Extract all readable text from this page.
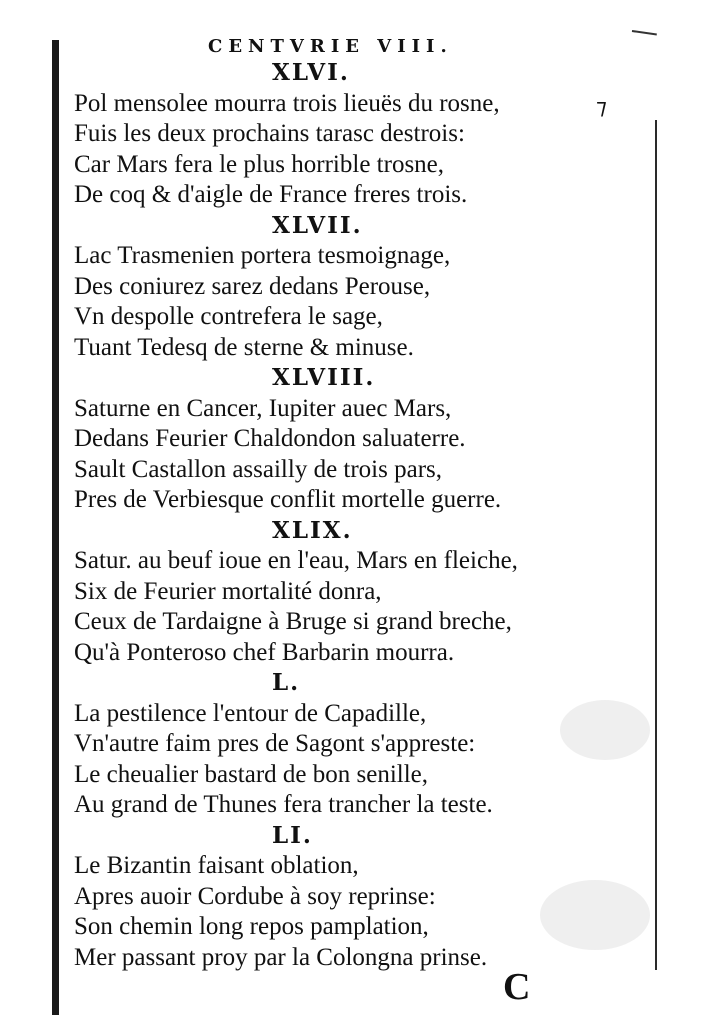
CENTVRIE VIII.
⁊
XLVI.
Pol mensolee mourra trois lieuës du rosne,
Fuis les deux prochains tarasc destrois:
Car Mars fera le plus horrible trosne,
De coq & d'aigle de France freres trois.
XLVII.
Lac Trasmenien portera tesmoignage,
Des coniurez sarez dedans Perouse,
Vn despolle contrefera le sage,
Tuant Tedesq de sterne & minuse.
XLVIII.
Saturne en Cancer, Iupiter auec Mars,
Dedans Feurier Chaldondon saluaterre.
Sault Castallon assailly de trois pars,
Pres de Verbiesque conflit mortelle guerre.
XLIX.
Satur. au beuf ioue en l'eau, Mars en fleiche,
Six de Feurier mortalité donra,
Ceux de Tardaigne à Bruge si grand breche,
Qu'à Ponteroso chef Barbarin mourra.
L.
La pestilence l'entour de Capadille,
Vn'autre faim pres de Sagont s'appreste:
Le cheualier bastard de bon senille,
Au grand de Thunes fera trancher la teste.
LI.
Le Bizantin faisant oblation,
Apres auoir Cordube à soy reprinse:
Son chemin long repos pamplation,
Mer passant proy par la Colongna prinse.
C
